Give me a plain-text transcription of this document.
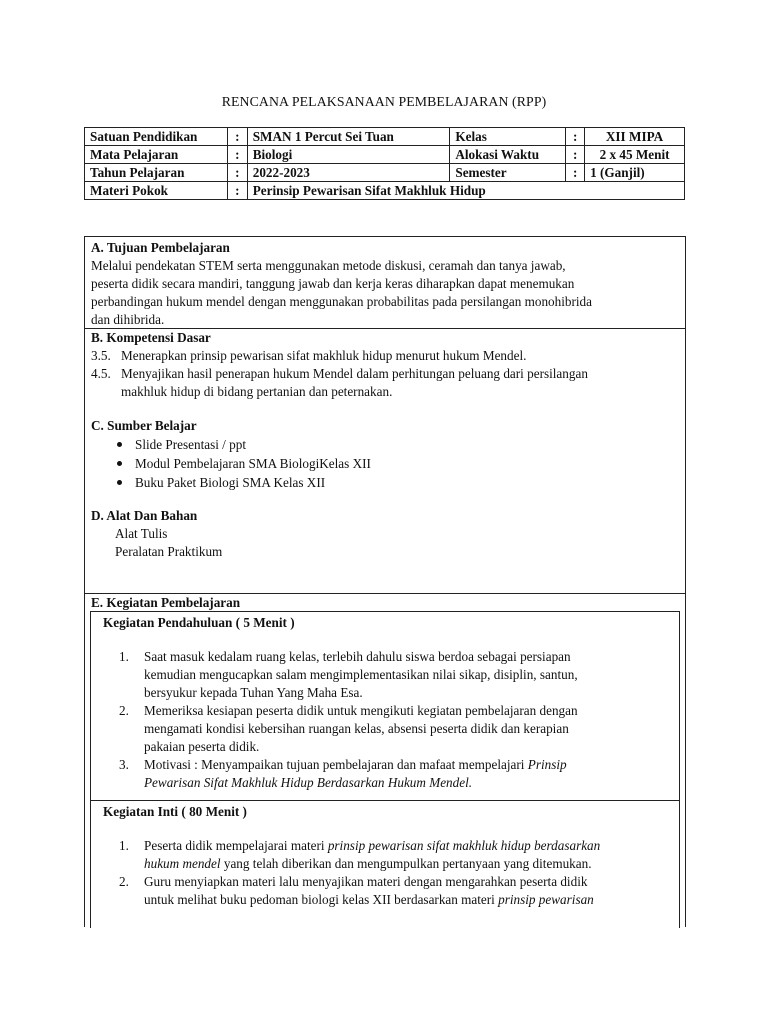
RENCANA PELAKSANAAN PEMBELAJARAN (RPP)
Satuan Pendidikan	:	SMAN 1 Percut Sei Tuan	Kelas	:	XII MIPA
Mata Pelajaran	:	Biologi	Alokasi Waktu	:	2 x 45 Menit
Tahun Pelajaran	:	2022-2023	Semester	:	1 (Ganjil)
Materi Pokok	:	Perinsip Pewarisan Sifat Makhluk Hidup			
A. Tujuan Pembelajaran
Melalui pendekatan STEM serta menggunakan metode diskusi, ceramah dan tanya jawab,
peserta didik secara mandiri, tanggung jawab dan kerja keras diharapkan dapat menemukan
perbandingan hukum mendel dengan menggunakan probabilitas pada persilangan monohibrida
dan dihibrida.
B. Kompetensi Dasar
3.5. Menerapkan prinsip pewarisan sifat makhluk hidup menurut hukum Mendel.
4.5. Menyajikan hasil penerapan hukum Mendel dalam perhitungan peluang dari persilangan
makhluk hidup di bidang pertanian dan peternakan.
C. Sumber Belajar
Slide Presentasi / ppt
Modul Pembelajaran SMA BiologiKelas XII
Buku Paket Biologi SMA Kelas XII
D. Alat Dan Bahan
Alat Tulis
Peralatan Praktikum
E. Kegiatan Pembelajaran
Kegiatan Pendahuluan ( 5 Menit )
1.	Saat masuk kedalam ruang kelas, terlebih dahulu siswa berdoa sebagai persiapan
kemudian mengucapkan salam mengimplementasikan nilai sikap, disiplin, santun,
bersyukur kepada Tuhan Yang Maha Esa.
2.	Memeriksa kesiapan peserta didik untuk mengikuti kegiatan pembelajaran dengan
mengamati kondisi kebersihan ruangan kelas, absensi peserta didik dan kerapian
pakaian peserta didik.
3.	Motivasi : Menyampaikan tujuan pembelajaran dan mafaat mempelajari Prinsip
Pewarisan Sifat Makhluk Hidup Berdasarkan Hukum Mendel.
Kegiatan Inti ( 80 Menit )
1.	Peserta didik mempelajarai materi prinsip pewarisan sifat makhluk hidup berdasarkan
hukum mendel yang telah diberikan dan mengumpulkan pertanyaan yang ditemukan.
2.	Guru menyiapkan materi lalu menyajikan materi dengan mengarahkan peserta didik
untuk melihat buku pedoman biologi kelas XII berdasarkan materi prinsip pewarisan
